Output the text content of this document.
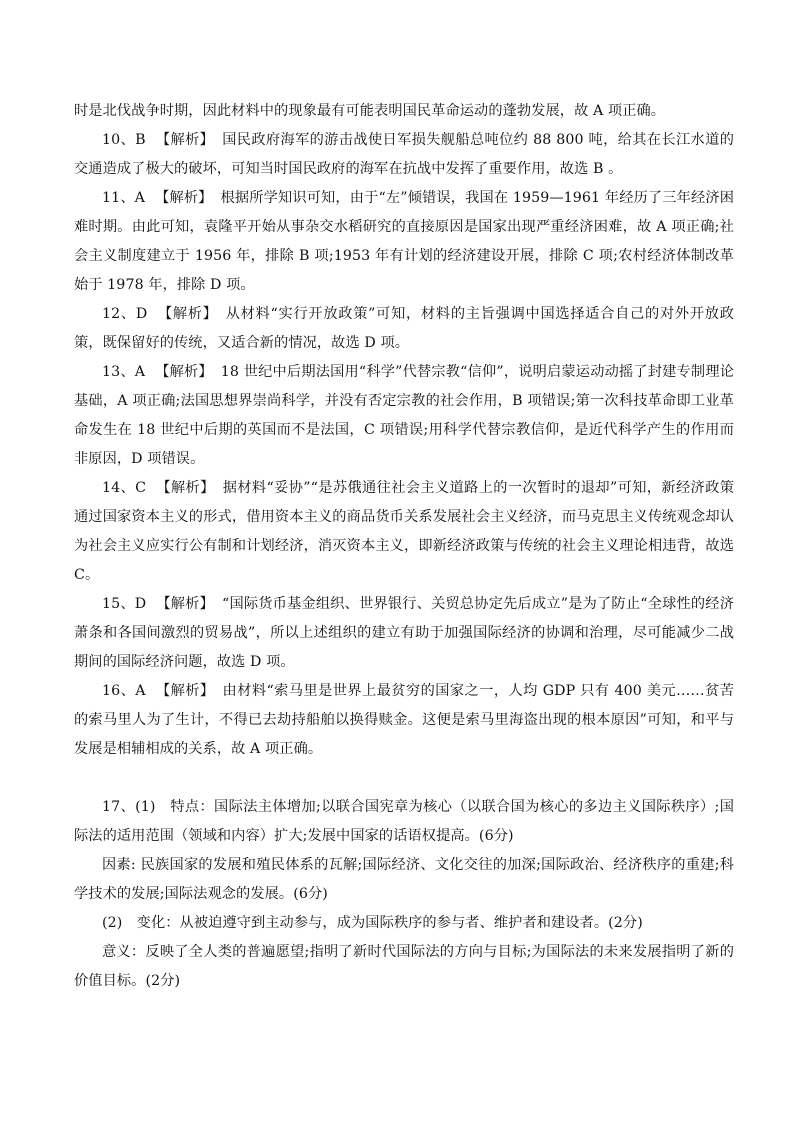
时是北伐战争时期，因此材料中的现象最有可能表明国民革命运动的蓬勃发展，故 A 项正确。

10、B 【解析】 国民政府海军的游击战使日军损失舰船总吨位约 88 800 吨，给其在长江水道的交通造成了极大的破坏，可知当时国民政府的海军在抗战中发挥了重要作用，故选 B 。

11、A 【解析】 根据所学知识可知，由于“左”倾错误，我国在 1959—1961 年经历了三年经济困难时期。由此可知，袁隆平开始从事杂交水稻研究的直接原因是国家出现严重经济困难，故 A 项正确;社会主义制度建立于 1956 年，排除 B 项;1953 年有计划的经济建设开展，排除 C 项;农村经济体制改革始于 1978 年，排除 D 项。

12、D 【解析】 从材料“实行开放政策”可知，材料的主旨强调中国选择适合自己的对外开放政策，既保留好的传统，又适合新的情况，故选 D 项。

13、A 【解析】 18 世纪中后期法国用“科学”代替宗教“信仰”，说明启蒙运动动摇了封建专制理论基础，A 项正确;法国思想界崇尚科学，并没有否定宗教的社会作用，B 项错误;第一次科技革命即工业革命发生在 18 世纪中后期的英国而不是法国，C 项错误;用科学代替宗教信仰，是近代科学产生的作用而非原因，D 项错误。

14、C 【解析】 据材料“妥协”“是苏俄通往社会主义道路上的一次暂时的退却”可知，新经济政策通过国家资本主义的形式，借用资本主义的商品货币关系发展社会主义经济，而马克思主义传统观念却认为社会主义应实行公有制和计划经济，消灭资本主义，即新经济政策与传统的社会主义理论相违背，故选 C。

15、D 【解析】 “国际货币基金组织、世界银行、关贸总协定先后成立”是为了防止“全球性的经济萧条和各国间激烈的贸易战”，所以上述组织的建立有助于加强国际经济的协调和治理，尽可能减少二战期间的国际经济问题，故选 D 项。

16、A 【解析】 由材料“索马里是世界上最贫穷的国家之一，人均 GDP 只有 400 美元……贫苦的索马里人为了生计，不得已去劫持船舶以换得赎金。这便是索马里海盗出现的根本原因”可知，和平与发展是相辅相成的关系，故 A 项正确。

17、(1)　特点：国际法主体增加;以联合国宪章为核心（以联合国为核心的多边主义国际秩序）;国际法的适用范围（领域和内容）扩大;发展中国家的话语权提高。(6分)

因素: 民族国家的发展和殖民体系的瓦解;国际经济、文化交往的加深;国际政治、经济秩序的重建;科学技术的发展;国际法观念的发展。(6分)

(2)　变化：从被迫遵守到主动参与，成为国际秩序的参与者、维护者和建设者。(2分)

意义：反映了全人类的普遍愿望;指明了新时代国际法的方向与目标;为国际法的未来发展指明了新的价值目标。(2分)
